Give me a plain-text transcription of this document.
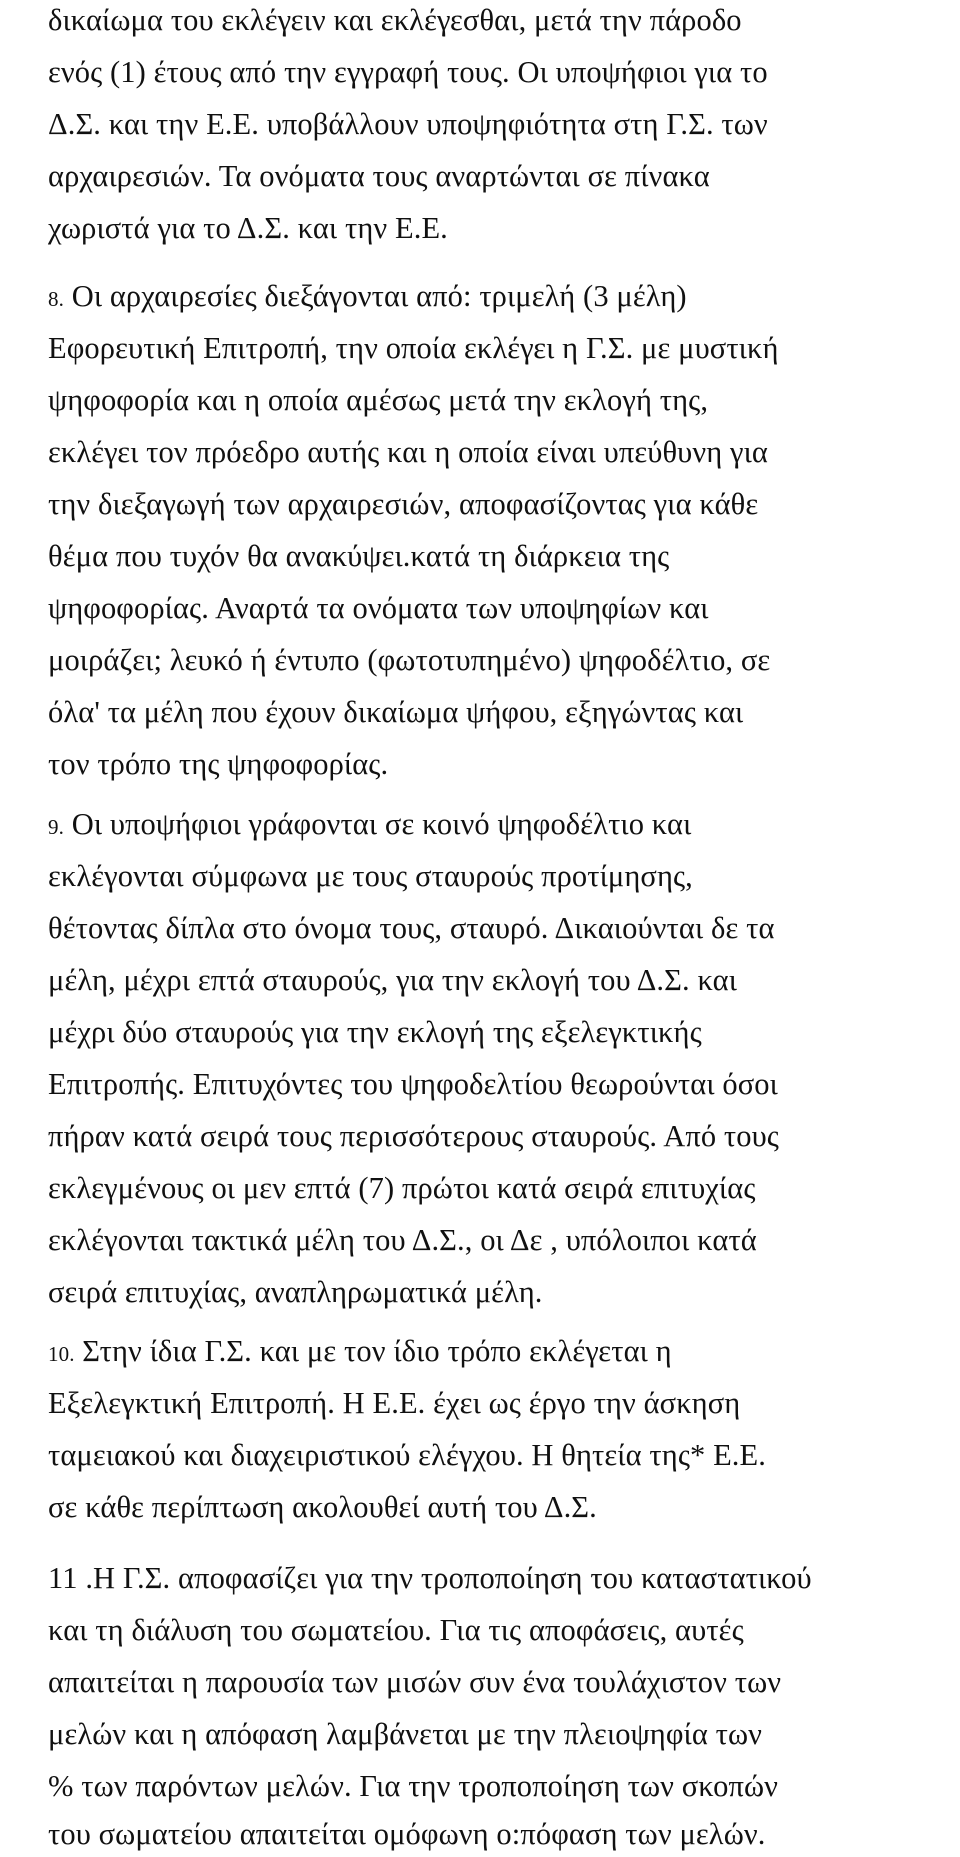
δικαίωμα του εκλέγειν και εκλέγεσθαι, μετά την πάροδο
ενός (1) έτους από την εγγραφή τους. Οι υποψήφιοι για το
Δ.Σ. και την Ε.Ε. υποβάλλουν υποψηφιότητα στη Γ.Σ. των
αρχαιρεσιών. Τα ονόματα τους αναρτώνται σε πίνακα
χωριστά για το Δ.Σ. και την Ε.Ε.
8. Οι αρχαιρεσίες διεξάγονται από: τριμελή (3 μέλη)
Εφορευτική Επιτροπή, την οποία εκλέγει η Γ.Σ. με μυστική
ψηφοφορία και η οποία αμέσως μετά την εκλογή της,
εκλέγει τον πρόεδρο αυτής και η οποία είναι υπεύθυνη για
την διεξαγωγή των αρχαιρεσιών, αποφασίζοντας για κάθε
θέμα που τυχόν θα ανακύψει.κατά τη διάρκεια της
ψηφοφορίας. Αναρτά τα ονόματα των υποψηφίων και
μοιράζει; λευκό ή έντυπο (φωτοτυπημένο) ψηφοδέλτιο, σε
όλα' τα μέλη που έχουν δικαίωμα ψήφου, εξηγώντας και
τον τρόπο της ψηφοφορίας.
9. Οι υποψήφιοι γράφονται σε κοινό ψηφοδέλτιο και
εκλέγονται σύμφωνα με τους σταυρούς προτίμησης,
θέτοντας δίπλα στο όνομα τους, σταυρό. Δικαιούνται δε τα
μέλη, μέχρι επτά σταυρούς, για την εκλογή του Δ.Σ. και
μέχρι δύο σταυρούς για την εκλογή της εξελεγκτικής
Επιτροπής. Επιτυχόντες του ψηφοδελτίου θεωρούνται όσοι
πήραν κατά σειρά τους περισσότερους σταυρούς. Από τους
εκλεγμένους οι μεν επτά (7) πρώτοι κατά σειρά επιτυχίας
εκλέγονται τακτικά μέλη του Δ.Σ., οι Δε , υπόλοιποι κατά
σειρά επιτυχίας, αναπληρωματικά μέλη.
10. Στην ίδια Γ.Σ. και με τον ίδιο τρόπο εκλέγεται η
Εξελεγκτική Επιτροπή. Η Ε.Ε. έχει ως έργο την άσκηση
ταμειακού και διαχειριστικού ελέγχου. Η θητεία της* Ε.Ε.
σε κάθε περίπτωση ακολουθεί αυτή του Δ.Σ.
11 .Η Γ.Σ. αποφασίζει για την τροποποίηση του καταστατικού
και τη διάλυση του σωματείου. Για τις αποφάσεις, αυτές
απαιτείται η παρουσία των μισών συν ένα τουλάχιστον των
μελών και η απόφαση λαμβάνεται με την πλειοψηφία των
% των παρόντων μελών. Για την τροποποίηση των σκοπών
του σωματείου απαιτείται ομόφωνη ο:πόφαση των μελών.
